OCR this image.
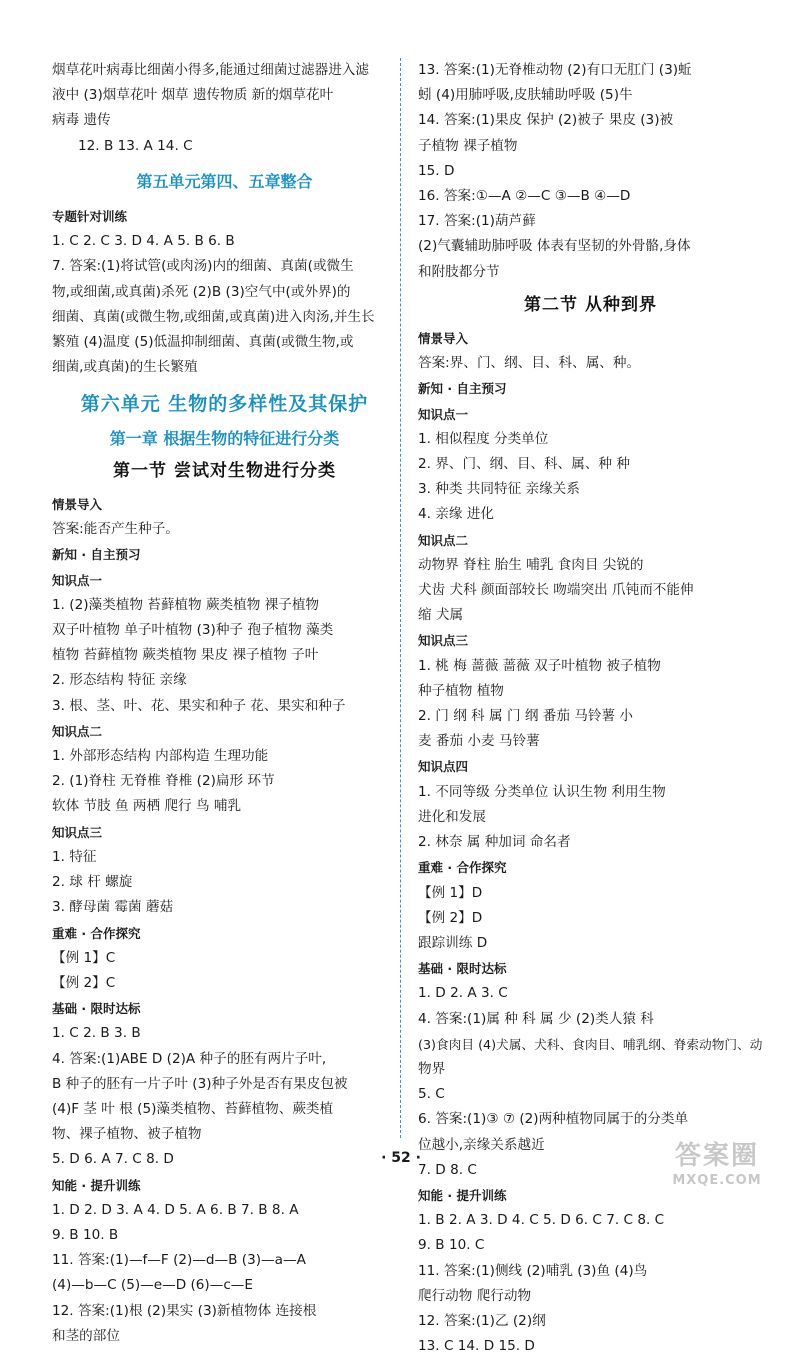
烟草花叶病毒比细菌小得多,能通过细菌过滤器进入滤
液中 (3)烟草花叶 烟草 遗传物质 新的烟草花叶
病毒 遗传
12. B 13. A 14. C
第五单元第四、五章整合
专题针对训练
1. C 2. C 3. D 4. A 5. B 6. B
7. 答案:(1)将试管(或肉汤)内的细菌、真菌(或微生
物,或细菌,或真菌)杀死 (2)B (3)空气中(或外界)的
细菌、真菌(或微生物,或细菌,或真菌)进入肉汤,并生长
繁殖 (4)温度 (5)低温抑制细菌、真菌(或微生物,或
细菌,或真菌)的生长繁殖
第六单元 生物的多样性及其保护
第一章 根据生物的特征进行分类
第一节 尝试对生物进行分类
情景导入
答案:能否产生种子。
新知 · 自主预习
知识点一
1. (2)藻类植物 苔藓植物 蕨类植物 裸子植物
双子叶植物 单子叶植物 (3)种子 孢子植物 藻类
植物 苔藓植物 蕨类植物 果皮 裸子植物 子叶
2. 形态结构 特征 亲缘
3. 根、茎、叶、花、果实和种子 花、果实和种子
知识点二
1. 外部形态结构 内部构造 生理功能
2. (1)脊柱 无脊椎 脊椎 (2)扁形 环节
软体 节肢 鱼 两栖 爬行 鸟 哺乳
知识点三
1. 特征
2. 球 杆 螺旋
3. 酵母菌 霉菌 蘑菇
重难 · 合作探究
【例 1】C
【例 2】C
基础 · 限时达标
1. C 2. B 3. B
4. 答案:(1)ABE D (2)A 种子的胚有两片子叶,
B 种子的胚有一片子叶 (3)种子外是否有果皮包被
(4)F 茎 叶 根 (5)藻类植物、苔藓植物、蕨类植
物、裸子植物、被子植物
5. D 6. A 7. C 8. D
知能 · 提升训练
1. D 2. D 3. A 4. D 5. A 6. B 7. B 8. A
9. B 10. B
11. 答案:(1)—f—F (2)—d—B (3)—a—A
(4)—b—C (5)—e—D (6)—c—E
12. 答案:(1)根 (2)果实 (3)新植物体 连接根
和茎的部位
13. 答案:(1)无脊椎动物 (2)有口无肛门 (3)蚯
蚓 (4)用肺呼吸,皮肤辅助呼吸 (5)牛
14. 答案:(1)果皮 保护 (2)被子 果皮 (3)被
子植物 裸子植物
15. D
16. 答案:①—A ②—C ③—B ④—D
17. 答案:(1)葫芦藓
(2)气囊辅助肺呼吸 体表有坚韧的外骨骼,身体
和附肢都分节
第二节 从种到界
情景导入
答案:界、门、纲、目、科、属、种。
新知 · 自主预习
知识点一
1. 相似程度 分类单位
2. 界、门、纲、目、科、属、种 种
3. 种类 共同特征 亲缘关系
4. 亲缘 进化
知识点二
动物界 脊柱 胎生 哺乳 食肉目 尖锐的
犬齿 犬科 颜面部较长 吻端突出 爪钝而不能伸
缩 犬属
知识点三
1. 桃 梅 蔷薇 蔷薇 双子叶植物 被子植物
种子植物 植物
2. 门 纲 科 属 门 纲 番茄 马铃薯 小
麦 番茄 小麦 马铃薯
知识点四
1. 不同等级 分类单位 认识生物 利用生物
进化和发展
2. 林奈 属 种加词 命名者
重难 · 合作探究
【例 1】D
【例 2】D
跟踪训练 D
基础 · 限时达标
1. D 2. A 3. C
4. 答案:(1)属 种 科 属 少 (2)类人猿 科
(3)食肉目 (4)犬属、犬科、食肉目、哺乳纲、脊索动物门、动
物界
5. C
6. 答案:(1)③ ⑦ (2)两种植物同属于的分类单
位越小,亲缘关系越近
7. D 8. C
知能 · 提升训练
1. B 2. A 3. D 4. C 5. D 6. C 7. C 8. C
9. B 10. C
11. 答案:(1)侧线 (2)哺乳 (3)鱼 (4)鸟
爬行动物 爬行动物
12. 答案:(1)乙 (2)纲
13. C 14. D 15. D
· 52 ·	答案圈
MXQE.COM
